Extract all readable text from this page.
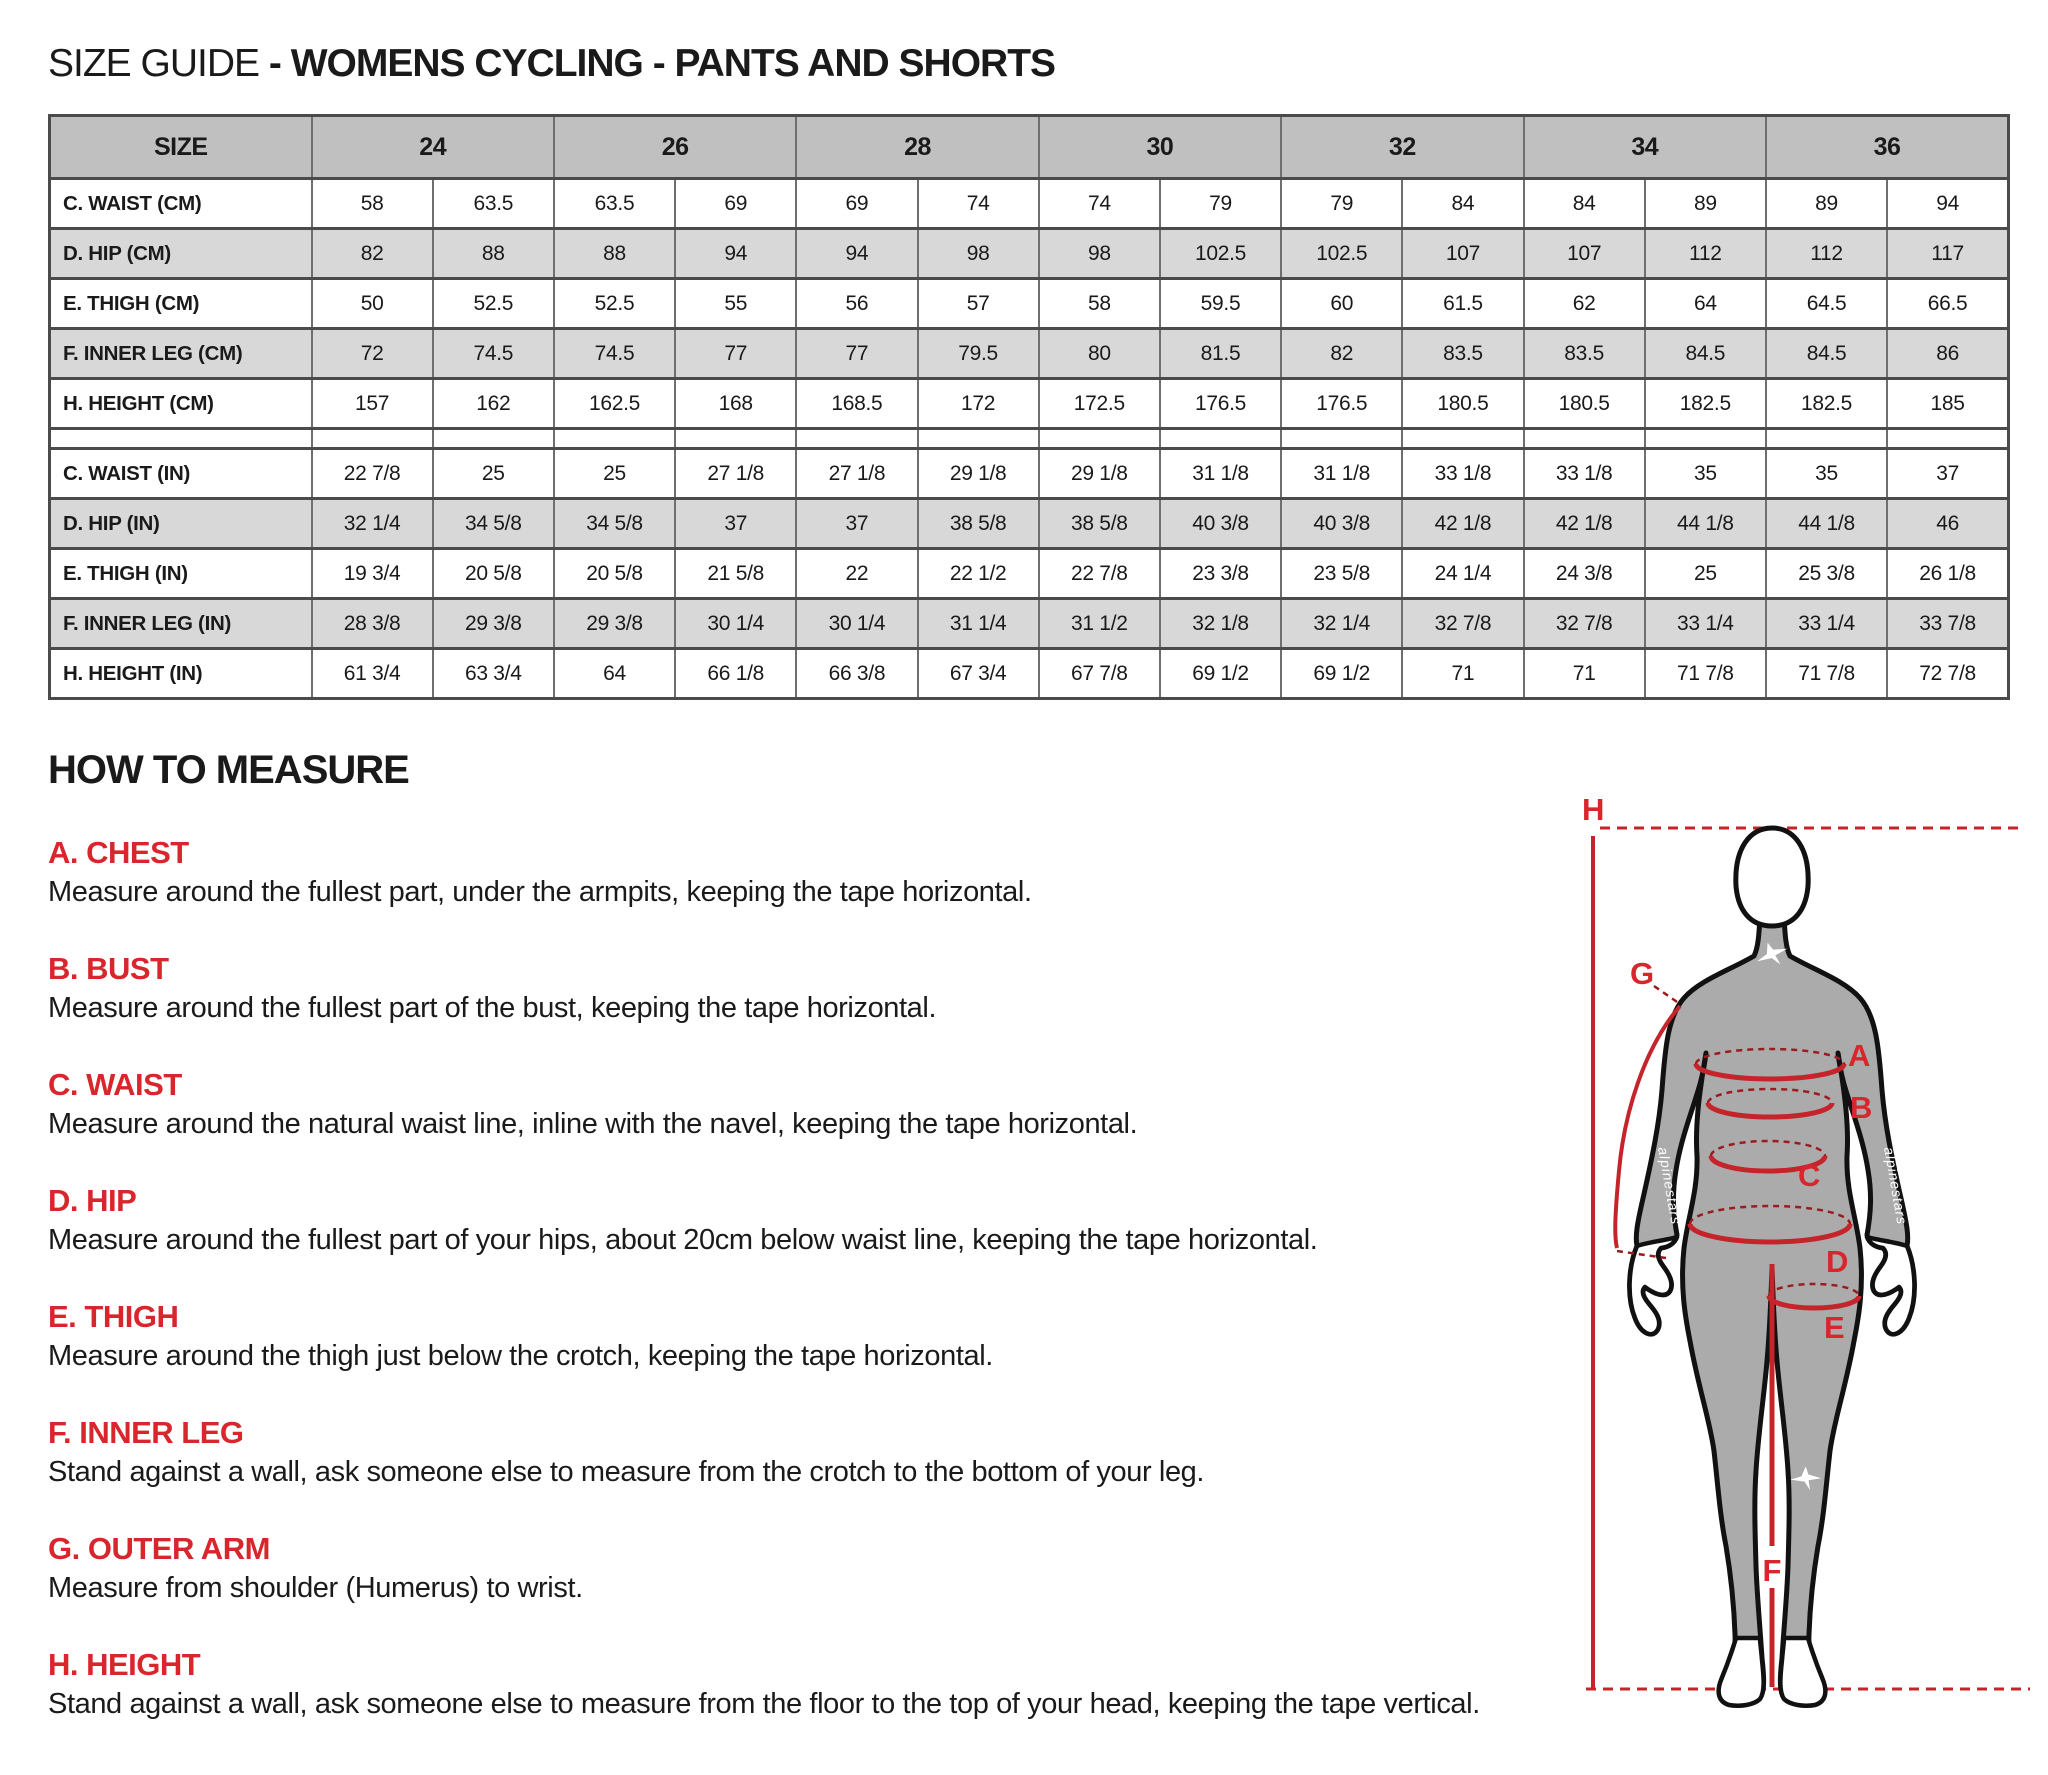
SIZE GUIDE - WOMENS CYCLING - PANTS AND SHORTS
SIZE	24		26		28		30		32		34		36	
C. WAIST (CM)	58	63.5	63.5	69	69	74	74	79	79	84	84	89	89	94
D. HIP (CM)	82	88	88	94	94	98	98	102.5	102.5	107	107	112	112	117
E. THIGH (CM)	50	52.5	52.5	55	56	57	58	59.5	60	61.5	62	64	64.5	66.5
F. INNER LEG (CM)	72	74.5	74.5	77	77	79.5	80	81.5	82	83.5	83.5	84.5	84.5	86
H. HEIGHT (CM)	157	162	162.5	168	168.5	172	172.5	176.5	176.5	180.5	180.5	182.5	182.5	185

C. WAIST (IN)	22 7/8	25	25	27 1/8	27 1/8	29 1/8	29 1/8	31 1/8	31 1/8	33 1/8	33 1/8	35	35	37
D. HIP (IN)	32 1/4	34 5/8	34 5/8	37	37	38 5/8	38 5/8	40 3/8	40 3/8	42 1/8	42 1/8	44 1/8	44 1/8	46
E. THIGH (IN)	19 3/4	20 5/8	20 5/8	21 5/8	22	22 1/2	22 7/8	23 3/8	23 5/8	24 1/4	24 3/8	25	25 3/8	26 1/8
F. INNER LEG (IN)	28 3/8	29 3/8	29 3/8	30 1/4	30 1/4	31 1/4	31 1/2	32 1/8	32 1/4	32 7/8	32 7/8	33 1/4	33 1/4	33 7/8
H. HEIGHT (IN)	61 3/4	63 3/4	64	66 1/8	66 3/8	67 3/4	67 7/8	69 1/2	69 1/2	71	71	71 7/8	71 7/8	72 7/8
HOW TO MEASURE
A. CHEST

Measure around the fullest part, under the armpits, keeping the tape horizontal.

B. BUST

Measure around the fullest part of the bust, keeping the tape horizontal.

C. WAIST

Measure around the natural waist line, inline with the navel, keeping the tape horizontal.

D. HIP

Measure around the fullest part of your hips, about 20cm below waist line, keeping the tape horizontal.

E. THIGH

Measure around the thigh just below the crotch, keeping the tape horizontal.

F. INNER LEG

Stand against a wall, ask someone else to measure from the crotch to the bottom of your leg.

G. OUTER ARM

Measure from shoulder (Humerus) to wrist.

H. HEIGHT

Stand against a wall, ask someone else to measure from the floor to the top of your head, keeping the tape vertical.

alpinestars	alpinestars
H
G
A
B
C
D
E
F
